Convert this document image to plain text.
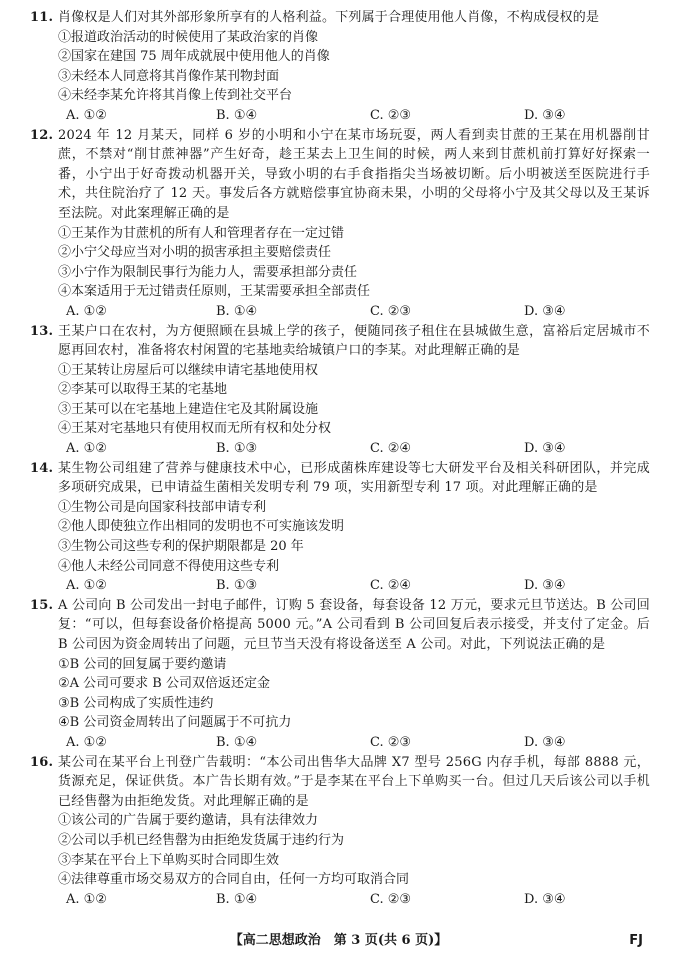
11. 肖像权是人们对其外部形象所享有的人格利益。下列属于合理使用他人肖像，不构成侵权的是
①报道政治活动的时候使用了某政治家的肖像
②国家在建国 75 周年成就展中使用他人的肖像
③未经本人同意将其肖像作某刊物封面
④未经李某允许将其肖像上传到社交平台
A. ①②	B. ①④	C. ②③	D. ③④
12. 2024 年 12 月某天，同样 6 岁的小明和小宁在某市场玩耍，两人看到卖甘蔗的王某在用机器削甘蔗，不禁对“削甘蔗神器”产生好奇，趁王某去上卫生间的时候，两人来到甘蔗机前打算好好探索一番，小宁出于好奇拨动机器开关，导致小明的右手食指指尖当场被切断。后小明被送至医院进行手术，共住院治疗了 12 天。事发后各方就赔偿事宜协商未果，小明的父母将小宁及其父母以及王某诉至法院。对此案理解正确的是
①王某作为甘蔗机的所有人和管理者存在一定过错
②小宁父母应当对小明的损害承担主要赔偿责任
③小宁作为限制民事行为能力人，需要承担部分责任
④本案适用于无过错责任原则，王某需要承担全部责任
A. ①②	B. ①④	C. ②③	D. ③④
13. 王某户口在农村，为方便照顾在县城上学的孩子，便随同孩子租住在县城做生意，富裕后定居城市不愿再回农村，准备将农村闲置的宅基地卖给城镇户口的李某。对此理解正确的是
①王某转让房屋后可以继续申请宅基地使用权
②李某可以取得王某的宅基地
③王某可以在宅基地上建造住宅及其附属设施
④王某对宅基地只有使用权而无所有权和处分权
A. ①②	B. ①③	C. ②④	D. ③④
14. 某生物公司组建了营养与健康技术中心，已形成菌株库建设等七大研发平台及相关科研团队，并完成多项研究成果，已申请益生菌相关发明专利 79 项，实用新型专利 17 项。对此理解正确的是
①生物公司是向国家科技部申请专利
②他人即使独立作出相同的发明也不可实施该发明
③生物公司这些专利的保护期限都是 20 年
④他人未经公司同意不得使用这些专利
A. ①②	B. ①③	C. ②④	D. ③④
15. A 公司向 B 公司发出一封电子邮件，订购 5 套设备，每套设备 12 万元，要求元旦节送达。B 公司回复：“可以，但每套设备价格提高 5000 元。”A 公司看到 B 公司回复后表示接受，并支付了定金。后 B 公司因为资金周转出了问题，元旦节当天没有将设备送至 A 公司。对此，下列说法正确的是
①B 公司的回复属于要约邀请
②A 公司可要求 B 公司双倍返还定金
③B 公司构成了实质性违约
④B 公司资金周转出了问题属于不可抗力
A. ①②	B. ①④	C. ②③	D. ③④
16. 某公司在某平台上刊登广告载明：“本公司出售华大品牌 X7 型号 256G 内存手机，每部 8888 元，货源充足，保证供货。本广告长期有效。”于是李某在平台上下单购买一台。但过几天后该公司以手机已经售罄为由拒绝发货。对此理解正确的是
①该公司的广告属于要约邀请，具有法律效力
②公司以手机已经售罄为由拒绝发货属于违约行为
③李某在平台上下单购买时合同即生效
④法律尊重市场交易双方的合同自由，任何一方均可取消合同
A. ①②	B. ①④	C. ②③	D. ③④
【高二思想政治　第 3 页(共 6 页)】	FJ
